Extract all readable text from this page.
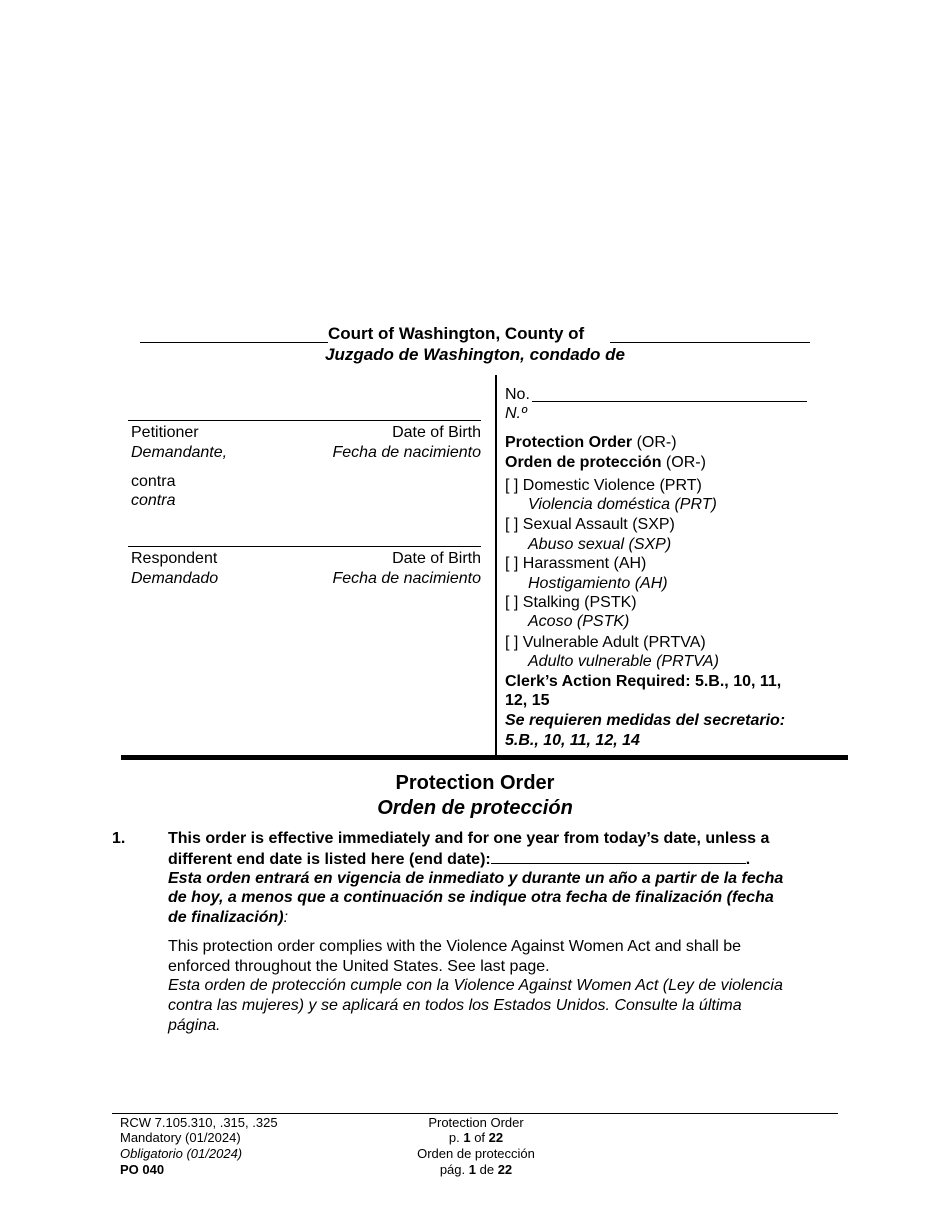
Court of Washington, County of
Juzgado de Washington, condado de
Petitioner	Date of Birth
Demandante,	Fecha de nacimiento
contra
contra
Respondent	Date of Birth
Demandado	Fecha de nacimiento
No.
N.º
Protection Order (OR-)
Orden de protección (OR-)
[ ] Domestic Violence (PRT)
Violencia doméstica (PRT)
[ ] Sexual Assault (SXP)
Abuso sexual (SXP)
[ ] Harassment (AH)
Hostigamiento (AH)
[ ] Stalking (PSTK)
Acoso (PSTK)
[ ] Vulnerable Adult (PRTVA)
Adulto vulnerable (PRTVA)
Clerk’s Action Required: 5.B., 10, 11,
12, 15
Se requieren medidas del secretario:
5.B., 10, 11, 12, 14
Protection Order
Orden de protección
1.	This order is effective immediately and for one year from today’s date, unless a
different end date is listed here (end date):	.
Esta orden entrará en vigencia de inmediato y durante un año a partir de la fecha
de hoy, a menos que a continuación se indique otra fecha de finalización (fecha
de finalización):
This protection order complies with the Violence Against Women Act and shall be
enforced throughout the United States. See last page.
Esta orden de protección cumple con la Violence Against Women Act (Ley de violencia
contra las mujeres) y se aplicará en todos los Estados Unidos. Consulte la última
página.
RCW 7.105.310, .315, .325
Mandatory (01/2024)
Obligatorio (01/2024)
PO 040
Protection Order
p. 1 of 22
Orden de protección
pág. 1 de 22
